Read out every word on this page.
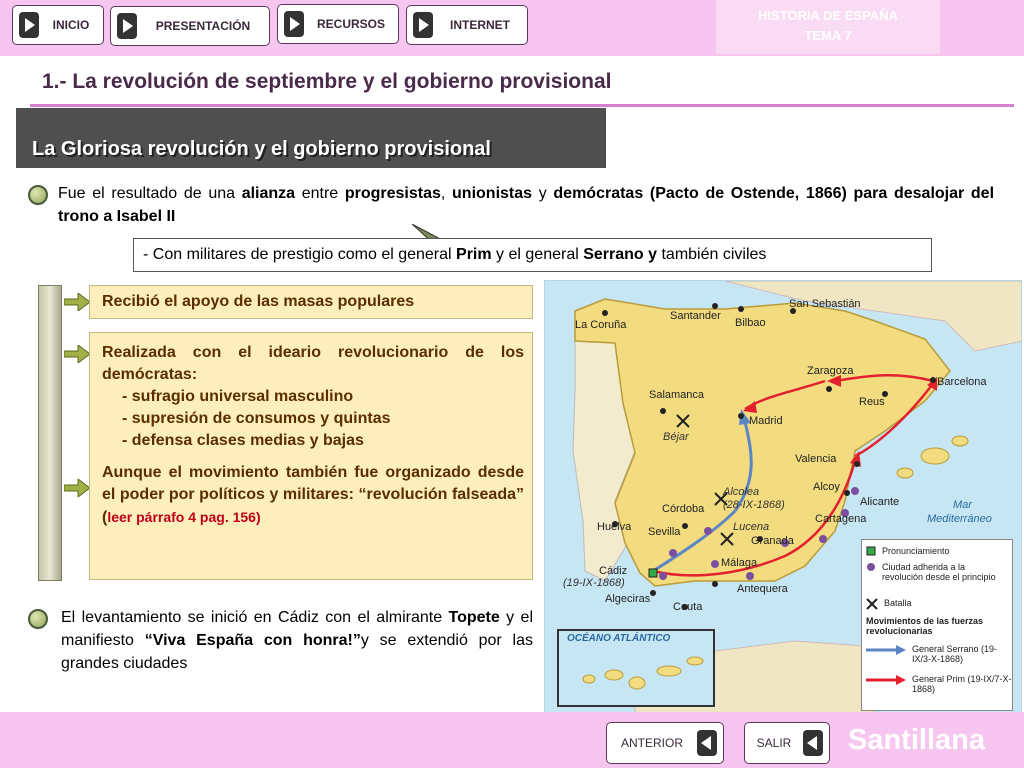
INICIO	PRESENTACIÓN	RECURSOS	INTERNET
HISTORIA DE ESPAÑA
TEMA 7
1.- La revolución de septiembre y el gobierno provisional
La Gloriosa revolución y el gobierno provisional
Fue el resultado de una alianza entre progresistas, unionistas y demócratas (Pacto de Ostende, 1866) para desalojar del trono a Isabel II
- Con militares de prestigio como el general Prim y el general Serrano y también civiles
Recibió el apoyo de las masas populares
Realizada con el ideario revolucionario de los demócratas:
- sufragio universal masculino
- supresión de consumos y quintas
- defensa clases medias y bajas
Aunque el movimiento también fue organizado desde el poder por políticos y militares: “revolución falseada” (leer párrafo 4 pag. 156)
El levantamiento se inició en Cádiz con el almirante Topete y el manifiesto “Viva España con honra!”y se extendió por las grandes ciudades
La Coruña
Santander
Bilbao
San Sebastián
Zaragoza
Barcelona
Salamanca
Madrid
Reus
Béjar
Valencia
Alcolea
(28-IX-1868)
Alcoy
Córdoba
Alicante
Huelva Sevilla	Lucena
Cartagena
Granada
Cádiz
(19-IX-1868)
Málaga
Algeciras
Antequera
Ceuta
Mar
Mediterráneo
OCÉANO ATLÁNTICO
Pronunciamiento
Ciudad adherida a la revolución desde el principio
Batalla
Movimientos de las fuerzas revolucionarias
General Serrano (19-IX/3-X-1868)
General Prim (19-IX/7-X-1868)
ANTERIOR	SALIR	Santillana
